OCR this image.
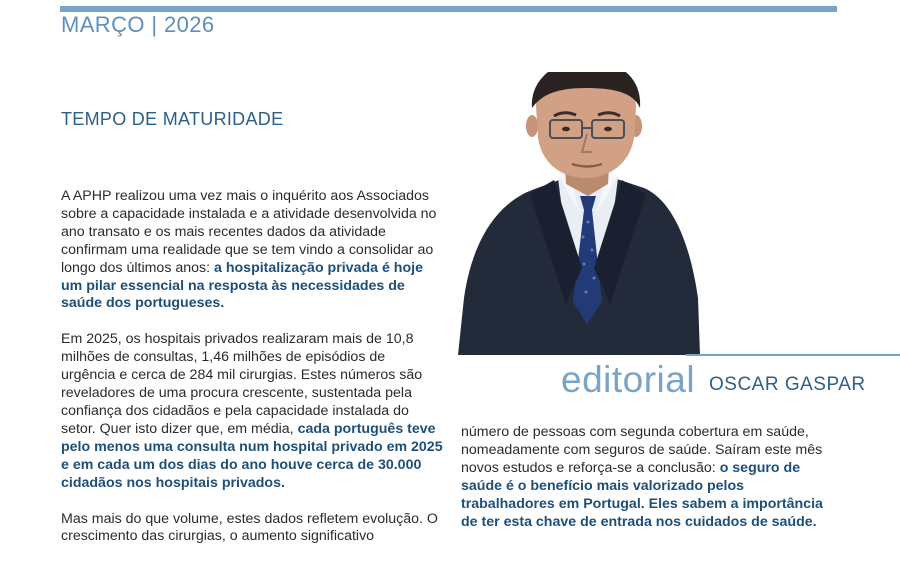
MARÇO | 2026
TEMPO DE MATURIDADE

A APHP realizou uma vez mais o inquérito aos Associados sobre a capacidade instalada e a atividade desenvolvida no ano transato e os mais recentes dados da atividade confirmam uma realidade que se tem vindo a consolidar ao longo dos últimos anos: a hospitalização privada é hoje um pilar essencial na resposta às necessidades de saúde dos portugueses.

Em 2025, os hospitais privados realizaram mais de 10,8 milhões de consultas, 1,46 milhões de episódios de urgência e cerca de 284 mil cirurgias. Estes números são reveladores de uma procura crescente, sustentada pela confiança dos cidadãos e pela capacidade instalada do setor. Quer isto dizer que, em média, cada português teve pelo menos uma consulta num hospital privado em 2025 e em cada um dos dias do ano houve cerca de 30.000 cidadãos nos hospitais privados.

Mas mais do que volume, estes dados refletem evolução. O crescimento das cirurgias, o aumento significativo

editorial OSCAR GASPAR

número de pessoas com segunda cobertura em saúde, nomeadamente com seguros de saúde. Saíram este mês novos estudos e reforça-se a conclusão: o seguro de saúde é o benefício mais valorizado pelos trabalhadores em Portugal. Eles sabem a importância de ter esta chave de entrada nos cuidados de saúde.
